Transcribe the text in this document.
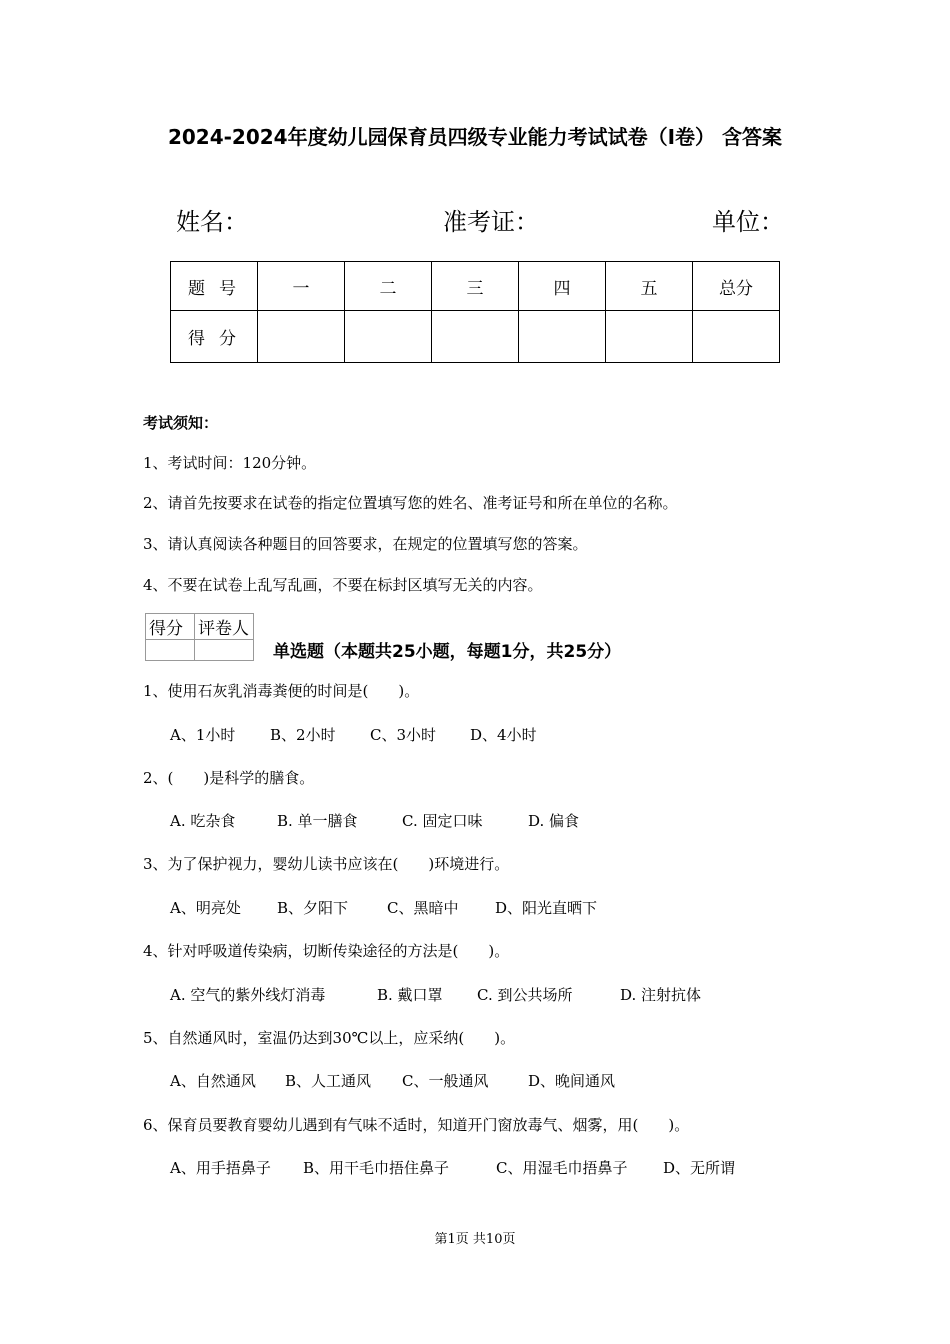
2024-2024年度幼儿园保育员四级专业能力考试试卷（I卷） 含答案
姓名：	准考证：	单位：
题号	一	二	三	四	五	总分
得分						
考试须知：
1、考试时间：120分钟。
2、请首先按要求在试卷的指定位置填写您的姓名、准考证号和所在单位的名称。
3、请认真阅读各种题目的回答要求，在规定的位置填写您的答案。
4、不要在试卷上乱写乱画，不要在标封区填写无关的内容。
得分	评卷人

单选题（本题共25小题，每题1分，共25分）
1、使用石灰乳消毒粪便的时间是(　　)。
A、1小时 B、2小时 C、3小时 D、4小时
2、(　　)是科学的膳食。
A. 吃杂食	B. 单一膳食	C. 固定口味	D. 偏食
3、为了保护视力，婴幼儿读书应该在(　　)环境进行。
A、明亮处 B、夕阳下	C、黑暗中 D、阳光直晒下
4、针对呼吸道传染病，切断传染途径的方法是(　　)。
A. 空气的紫外线灯消毒	B. 戴口罩 C. 到公共场所	D. 注射抗体
5、自然通风时，室温仍达到30℃以上，应采纳(　　)。
A、自然通风 B、人工通风 C、一般通风	D、晚间通风
6、保育员要教育婴幼儿遇到有气味不适时，知道开门窗放毒气、烟雾，用(　　)。
A、用手捂鼻子 B、用干毛巾捂住鼻子	C、用湿毛巾捂鼻子 D、无所谓
第1页 共10页
